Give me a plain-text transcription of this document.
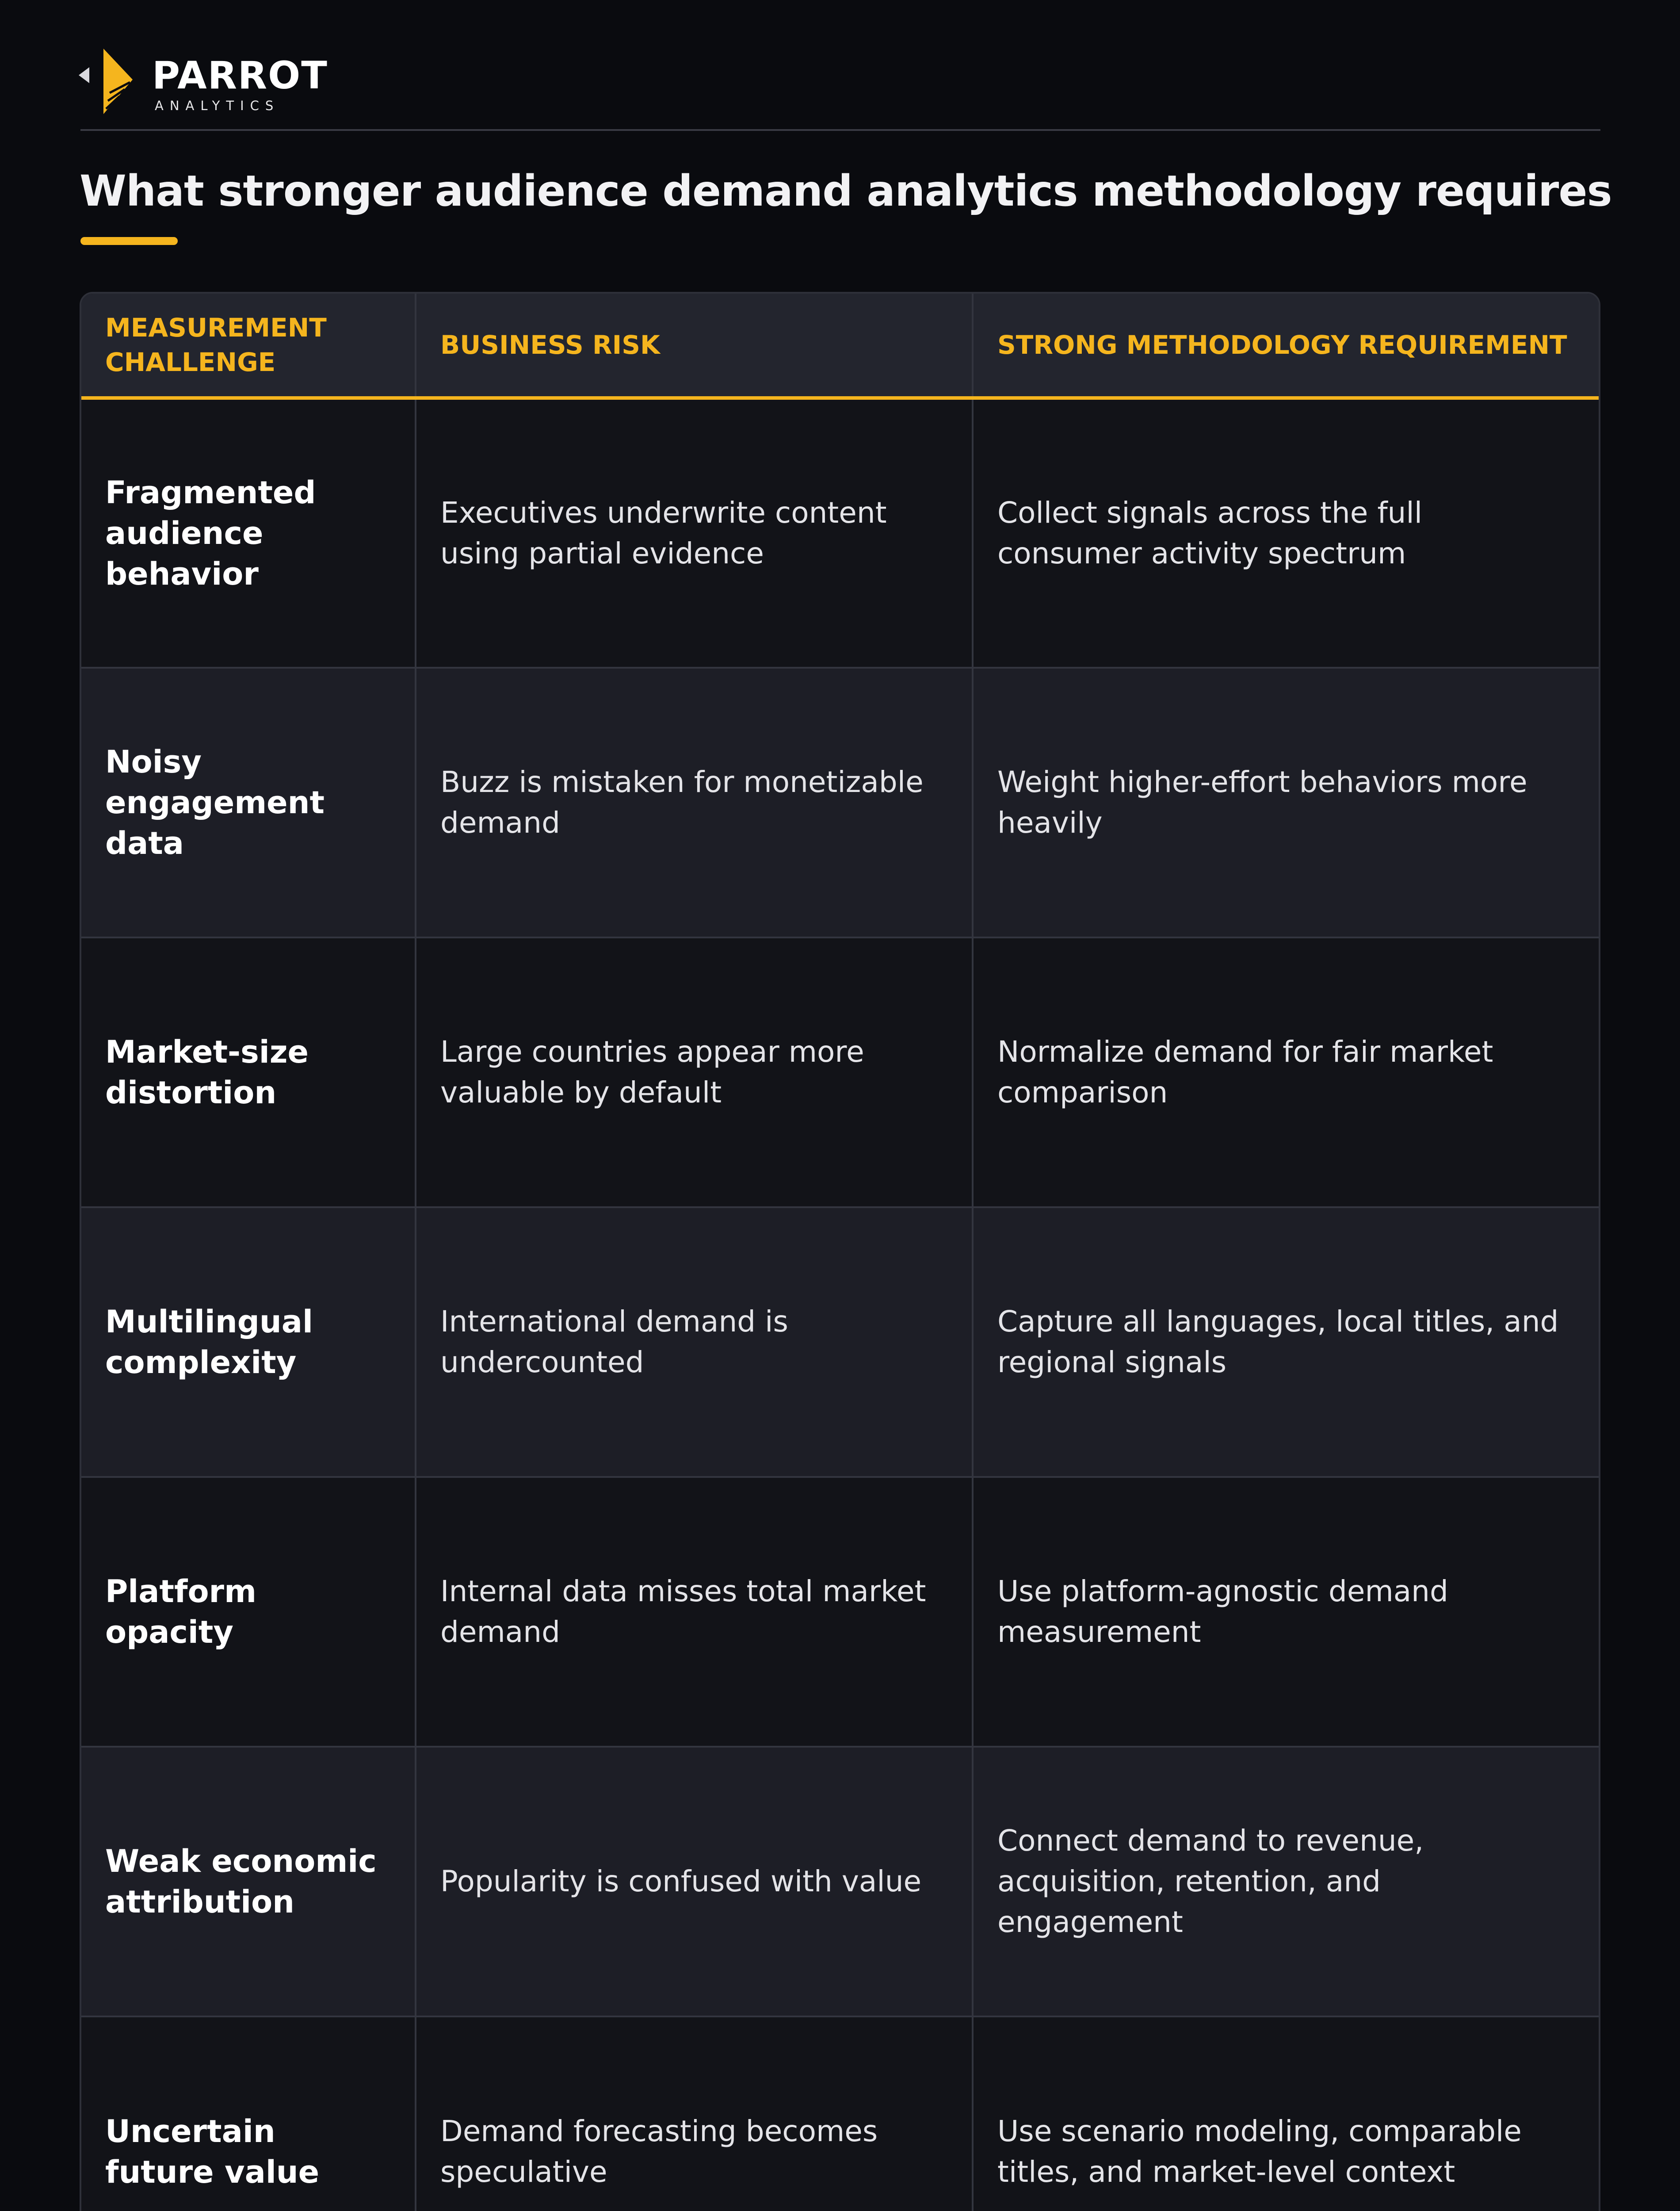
PARROT
ANALYTICS
What stronger audience demand analytics methodology requires
MEASUREMENT CHALLENGE	BUSINESS RISK	STRONG METHODOLOGY REQUIREMENT
Fragmented audience behavior	Executives underwrite content using partial evidence	Collect signals across the full consumer activity spectrum
Noisy engagement data	Buzz is mistaken for monetizable demand	Weight higher-effort behaviors more heavily
Market-size distortion	Large countries appear more valuable by default	Normalize demand for fair market comparison
Multilingual complexity	International demand is undercounted	Capture all languages, local titles, and regional signals
Platform opacity	Internal data misses total market demand	Use platform-agnostic demand measurement
Weak economic attribution	Popularity is confused with value	Connect demand to revenue, acquisition, retention, and engagement
Uncertain future value	Demand forecasting becomes speculative	Use scenario modeling, comparable titles, and market-level context
